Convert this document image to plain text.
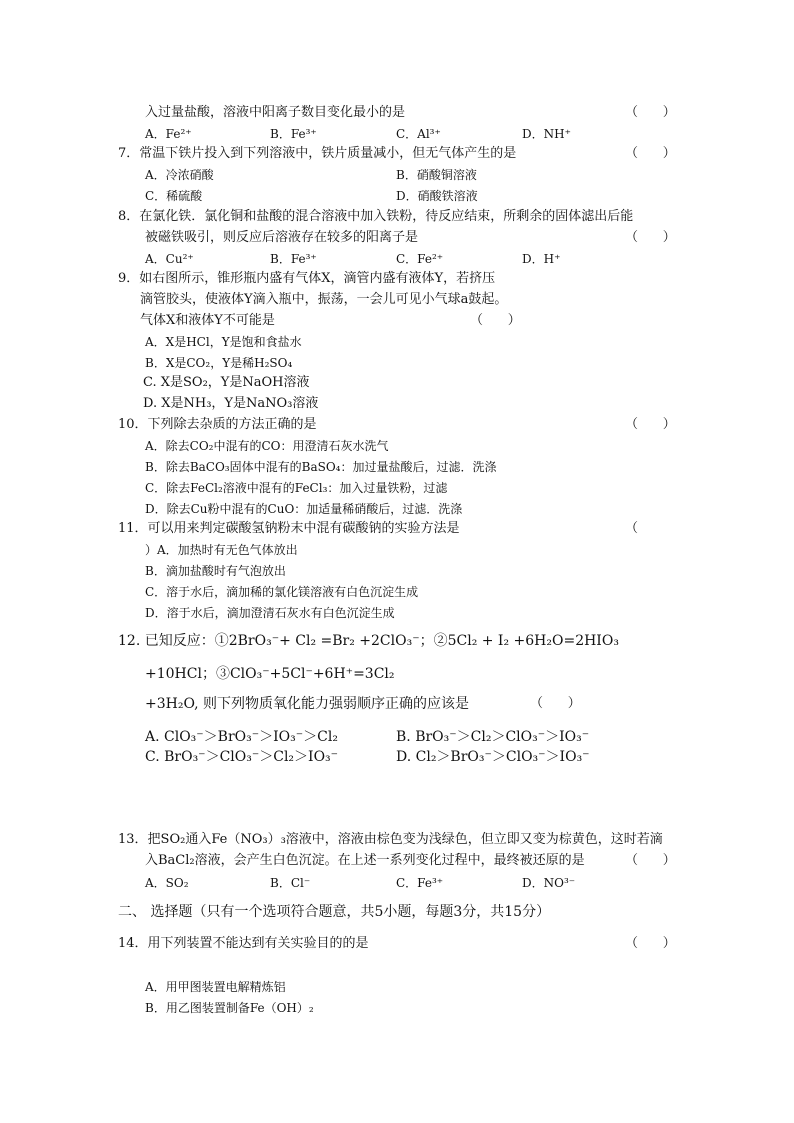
入过量盐酸，溶液中阳离子数目变化最小的是	（      ）
A．Fe²⁺	B．Fe³⁺	C．Al³⁺	D．NH⁺
7．常温下铁片投入到下列溶液中，铁片质量减小，但无气体产生的是	（      ）
A．冷浓硝酸	B．硝酸铜溶液
C．稀硫酸	D．硝酸铁溶液
8．在氯化铁．氯化铜和盐酸的混合溶液中加入铁粉，待反应结束，所剩余的固体滤出后能
被磁铁吸引，则反应后溶液存在较多的阳离子是	（      ）
A．Cu²⁺	B．Fe³⁺	C．Fe²⁺	D．H⁺
9．如右图所示，锥形瓶内盛有气体X，滴管内盛有液体Y，若挤压
滴管胶头，使液体Y滴入瓶中，振荡，一会儿可见小气球a鼓起。
气体X和液体Y不可能是	（      ）
A．X是HCl，Y是饱和食盐水
B．X是CO₂，Y是稀H₂SO₄
C. X是SO₂，Y是NaOH溶液
D. X是NH₃，Y是NaNO₃溶液
10．下列除去杂质的方法正确的是	（      ）
A．除去CO₂中混有的CO：用澄清石灰水洗气
B．除去BaCO₃固体中混有的BaSO₄：加过量盐酸后，过滤．洗涤
C．除去FeCl₂溶液中混有的FeCl₃：加入过量铁粉，过滤
D．除去Cu粉中混有的CuO：加适量稀硝酸后，过滤．洗涤
11．可以用来判定碳酸氢钠粉末中混有碳酸钠的实验方法是	（
）A．加热时有无色气体放出
B．滴加盐酸时有气泡放出
C．溶于水后，滴加稀的氯化镁溶液有白色沉淀生成
D．溶于水后，滴加澄清石灰水有白色沉淀生成
12. 已知反应：①2BrO₃⁻+ Cl₂ =Br₂ +2ClO₃⁻；②5Cl₂ + I₂ +6H₂O=2HIO₃
+10HCl；③ClO₃⁻+5Cl⁻+6H⁺=3Cl₂
+3H₂O, 则下列物质氧化能力强弱顺序正确的应该是	（      ）
A. ClO₃⁻＞BrO₃⁻＞IO₃⁻＞Cl₂	B. BrO₃⁻＞Cl₂＞ClO₃⁻＞IO₃⁻
C. BrO₃⁻＞ClO₃⁻＞Cl₂＞IO₃⁻	D. Cl₂＞BrO₃⁻＞ClO₃⁻＞IO₃⁻
13．把SO₂通入Fe（NO₃）₃溶液中，溶液由棕色变为浅绿色，但立即又变为棕黄色，这时若滴
入BaCl₂溶液，会产生白色沉淀。在上述一系列变化过程中，最终被还原的是	（      ）
A．SO₂	B．Cl⁻	C．Fe³⁺	D．NO³⁻
二、 选择题（只有一个选项符合题意，共5小题，每题3分，共15分）
14．用下列装置不能达到有关实验目的的是	（      ）
A．用甲图装置电解精炼铝
B．用乙图装置制备Fe（OH）₂
